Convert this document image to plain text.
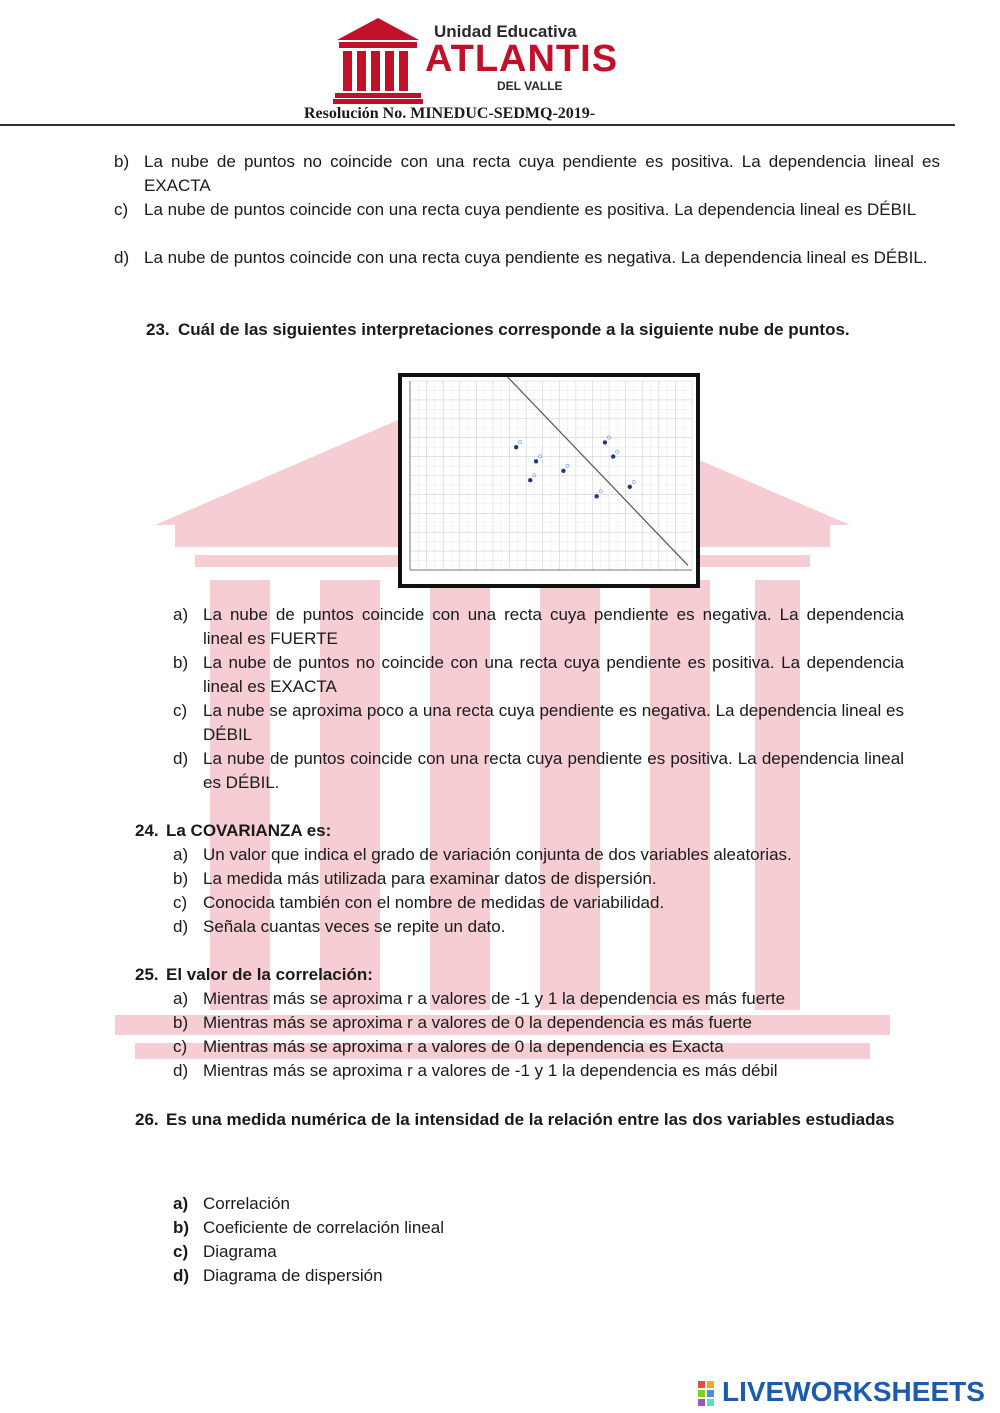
Unidad Educativa
ATLANTIS
DEL VALLE
Resolución No. MINEDUC-SEDMQ-2019-
b) La nube de puntos no coincide con una recta cuya pendiente es positiva. La dependencia lineal es EXACTA
c) La nube de puntos coincide con una recta cuya pendiente es positiva. La dependencia lineal es DÉBIL
d) La nube de puntos coincide con una recta cuya pendiente es negativa. La dependencia lineal es DÉBIL.
23. Cuál de las siguientes interpretaciones corresponde a la siguiente nube de puntos.
a) La nube de puntos coincide con una recta cuya pendiente es negativa. La dependencia lineal es FUERTE
b) La nube de puntos no coincide con una recta cuya pendiente es positiva. La dependencia lineal es EXACTA
c) La nube se aproxima poco a una recta cuya pendiente es negativa. La dependencia lineal es DÉBIL
d) La nube de puntos coincide con una recta cuya pendiente es positiva. La dependencia lineal es DÉBIL.
24. La COVARIANZA es:
a) Un valor que indica el grado de variación conjunta de dos variables aleatorias.
b) La medida más utilizada para examinar datos de dispersión.
c) Conocida también con el nombre de medidas de variabilidad.
d) Señala cuantas veces se repite un dato.
25. El valor de la correlación:
a) Mientras más se aproxima r a valores de -1 y 1 la dependencia es más fuerte
b) Mientras más se aproxima r a valores de 0 la dependencia es más fuerte
c) Mientras más se aproxima r a valores de 0 la dependencia es Exacta
d) Mientras más se aproxima r a valores de -1 y 1 la dependencia es más débil
26. Es una medida numérica de la intensidad de la relación entre las dos variables estudiadas
a) Correlación
b) Coeficiente de correlación lineal
c) Diagrama
d) Diagrama de dispersión
LIVEWORKSHEETS
